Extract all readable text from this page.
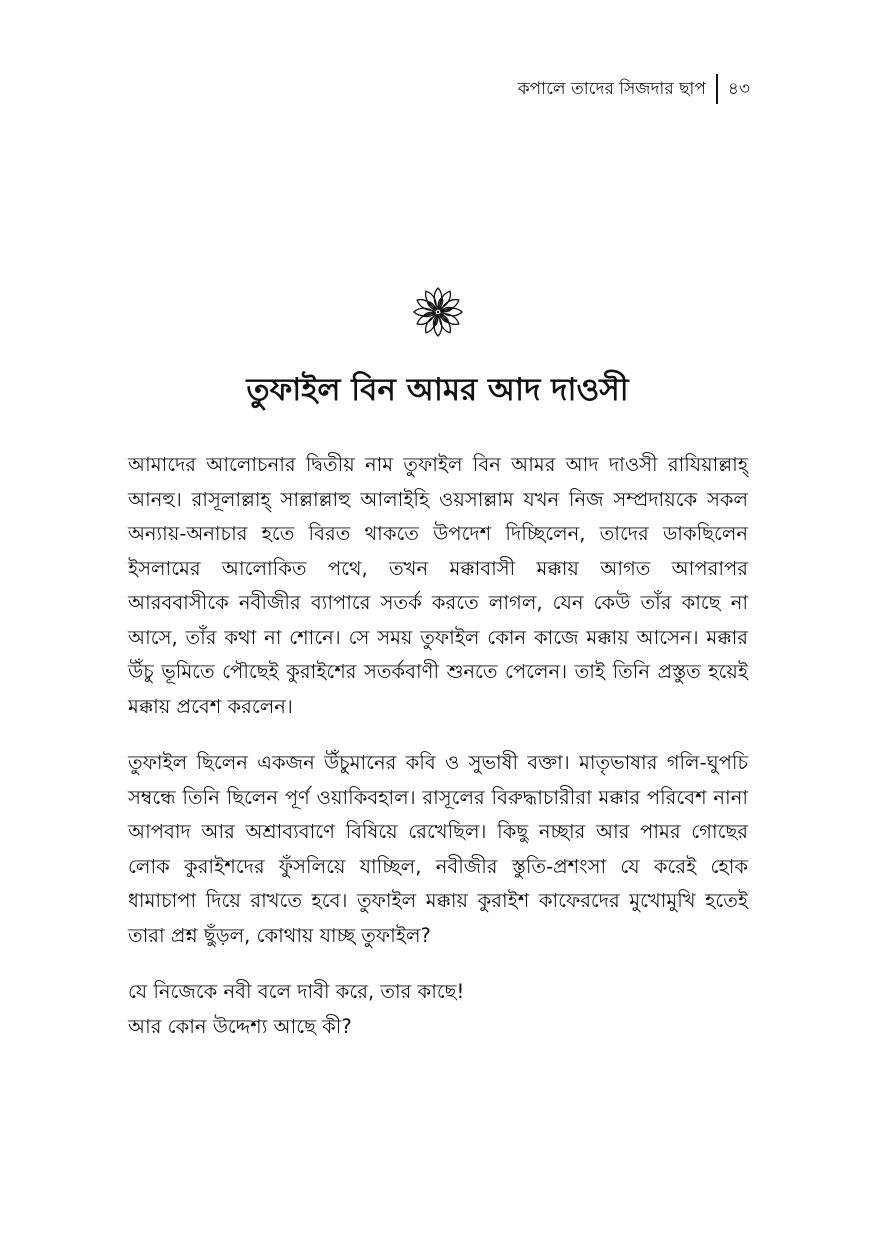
কপালে তাদের সিজদার ছাপ	৪৩
তুফাইল বিন আমর আদ দাওসী

আমাদের আলোচনার দ্বিতীয় নাম তুফাইল বিন আমর আদ দাওসী রাযিয়াল্লাহ্ আনহু। রাসূলাল্লাহ্ সাল্লাল্লাহু আলাইহি ওয়সাল্লাম যখন নিজ সম্প্রদায়কে সকল অন্যায়-অনাচার হতে বিরত থাকতে উপদেশ দিচ্ছিলেন, তাদের ডাকছিলেন ইসলামের আলোকিত পথে, তখন মক্কাবাসী মক্কায় আগত আপরাপর আরববাসীকে নবীজীর ব্যাপারে সতর্ক করতে লাগল, যেন কেউ তাঁর কাছে না আসে, তাঁর কথা না শোনে। সে সময় তুফাইল কোন কাজে মক্কায় আসেন। মক্কার উঁচু ভূমিতে পৌছেই কুরাইশের সতর্কবাণী শুনতে পেলেন। তাই তিনি প্রস্তুত হয়েই মক্কায় প্রবেশ করলেন।

তুফাইল ছিলেন একজন উঁচুমানের কবি ও সুভাষী বক্তা। মাতৃভাষার গলি-ঘুপচি সম্বন্ধে তিনি ছিলেন পূর্ণ ওয়াকিবহাল। রাসূলের বিরুদ্ধাচারীরা মক্কার পরিবেশ নানা আপবাদ আর অশ্রাব্যবাণে বিষিয়ে রেখেছিল। কিছু নচ্ছার আর পামর গোছের লোক কুরাইশদের ফুঁসলিয়ে যাচ্ছিল, নবীজীর স্তুতি-প্রশংসা যে করেই হোক ধামাচাপা দিয়ে রাখতে হবে। তুফাইল মক্কায় কুরাইশ কাফেরদের মুখোমুখি হতেই তারা প্রশ্ন ছুঁড়ল, কোথায় যাচ্ছ তুফাইল?

যে নিজেকে নবী বলে দাবী করে, তার কাছে!
আর কোন উদ্দেশ্য আছে কী?
